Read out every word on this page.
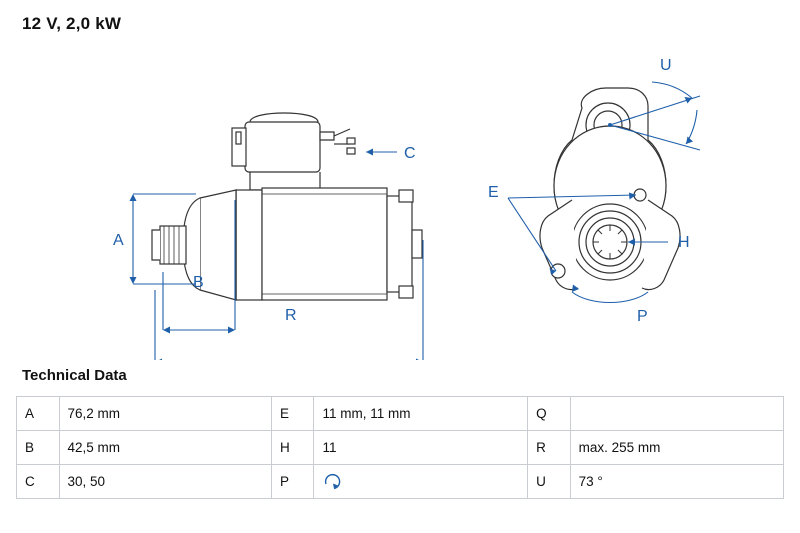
12 V, 2,0 kW
A
B
R
C
E
H
P
U
Technical Data
A	76,2 mm	E	11 mm, 11 mm	Q	
B	42,5 mm	H	11	R	max. 255 mm
C	30, 50	P		U	73 °
